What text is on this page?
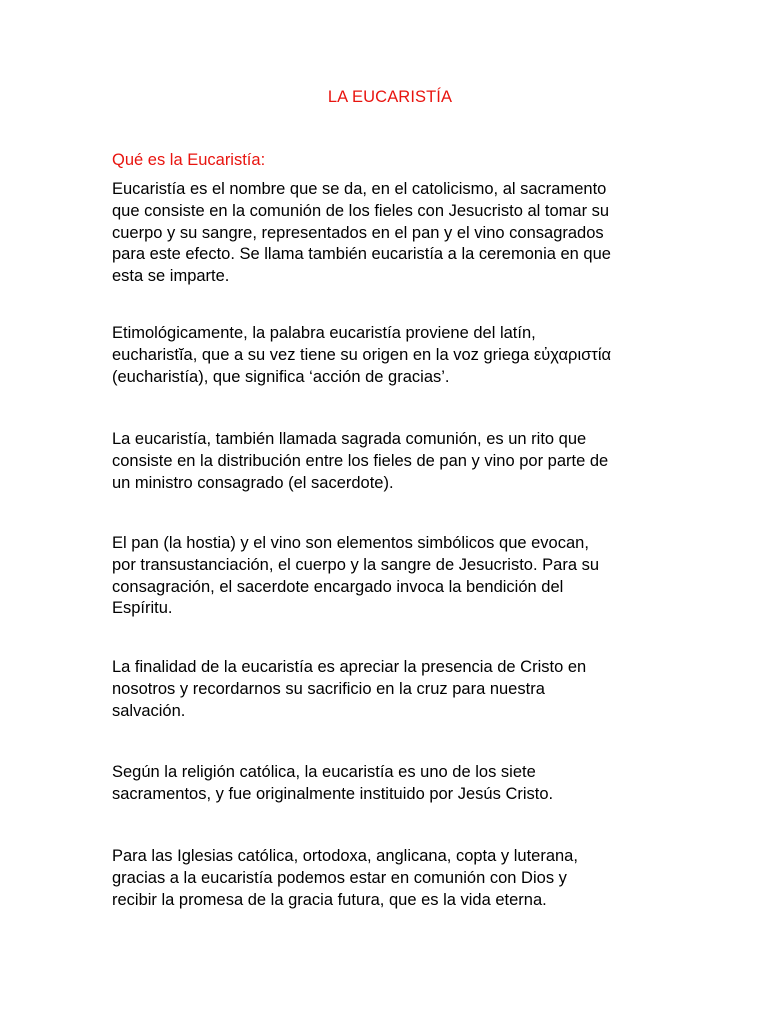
LA EUCARISTÍA
Qué es la Eucaristía:

Eucaristía es el nombre que se da, en el catolicismo, al sacramento
que consiste en la comunión de los fieles con Jesucristo al tomar su
cuerpo y su sangre, representados en el pan y el vino consagrados
para este efecto. Se llama también eucaristía a la ceremonia en que
esta se imparte.

Etimológicamente, la palabra eucaristía proviene del latín,
eucharistĭa, que a su vez tiene su origen en la voz griega εὐχαριστία
(eucharistía), que significa ‘acción de gracias’.

La eucaristía, también llamada sagrada comunión, es un rito que
consiste en la distribución entre los fieles de pan y vino por parte de
un ministro consagrado (el sacerdote).

El pan (la hostia) y el vino son elementos simbólicos que evocan,
por transustanciación, el cuerpo y la sangre de Jesucristo. Para su
consagración, el sacerdote encargado invoca la bendición del
Espíritu.

La finalidad de la eucaristía es apreciar la presencia de Cristo en
nosotros y recordarnos su sacrificio en la cruz para nuestra
salvación.

Según la religión católica, la eucaristía es uno de los siete
sacramentos, y fue originalmente instituido por Jesús Cristo.

Para las Iglesias católica, ortodoxa, anglicana, copta y luterana,
gracias a la eucaristía podemos estar en comunión con Dios y
recibir la promesa de la gracia futura, que es la vida eterna.
